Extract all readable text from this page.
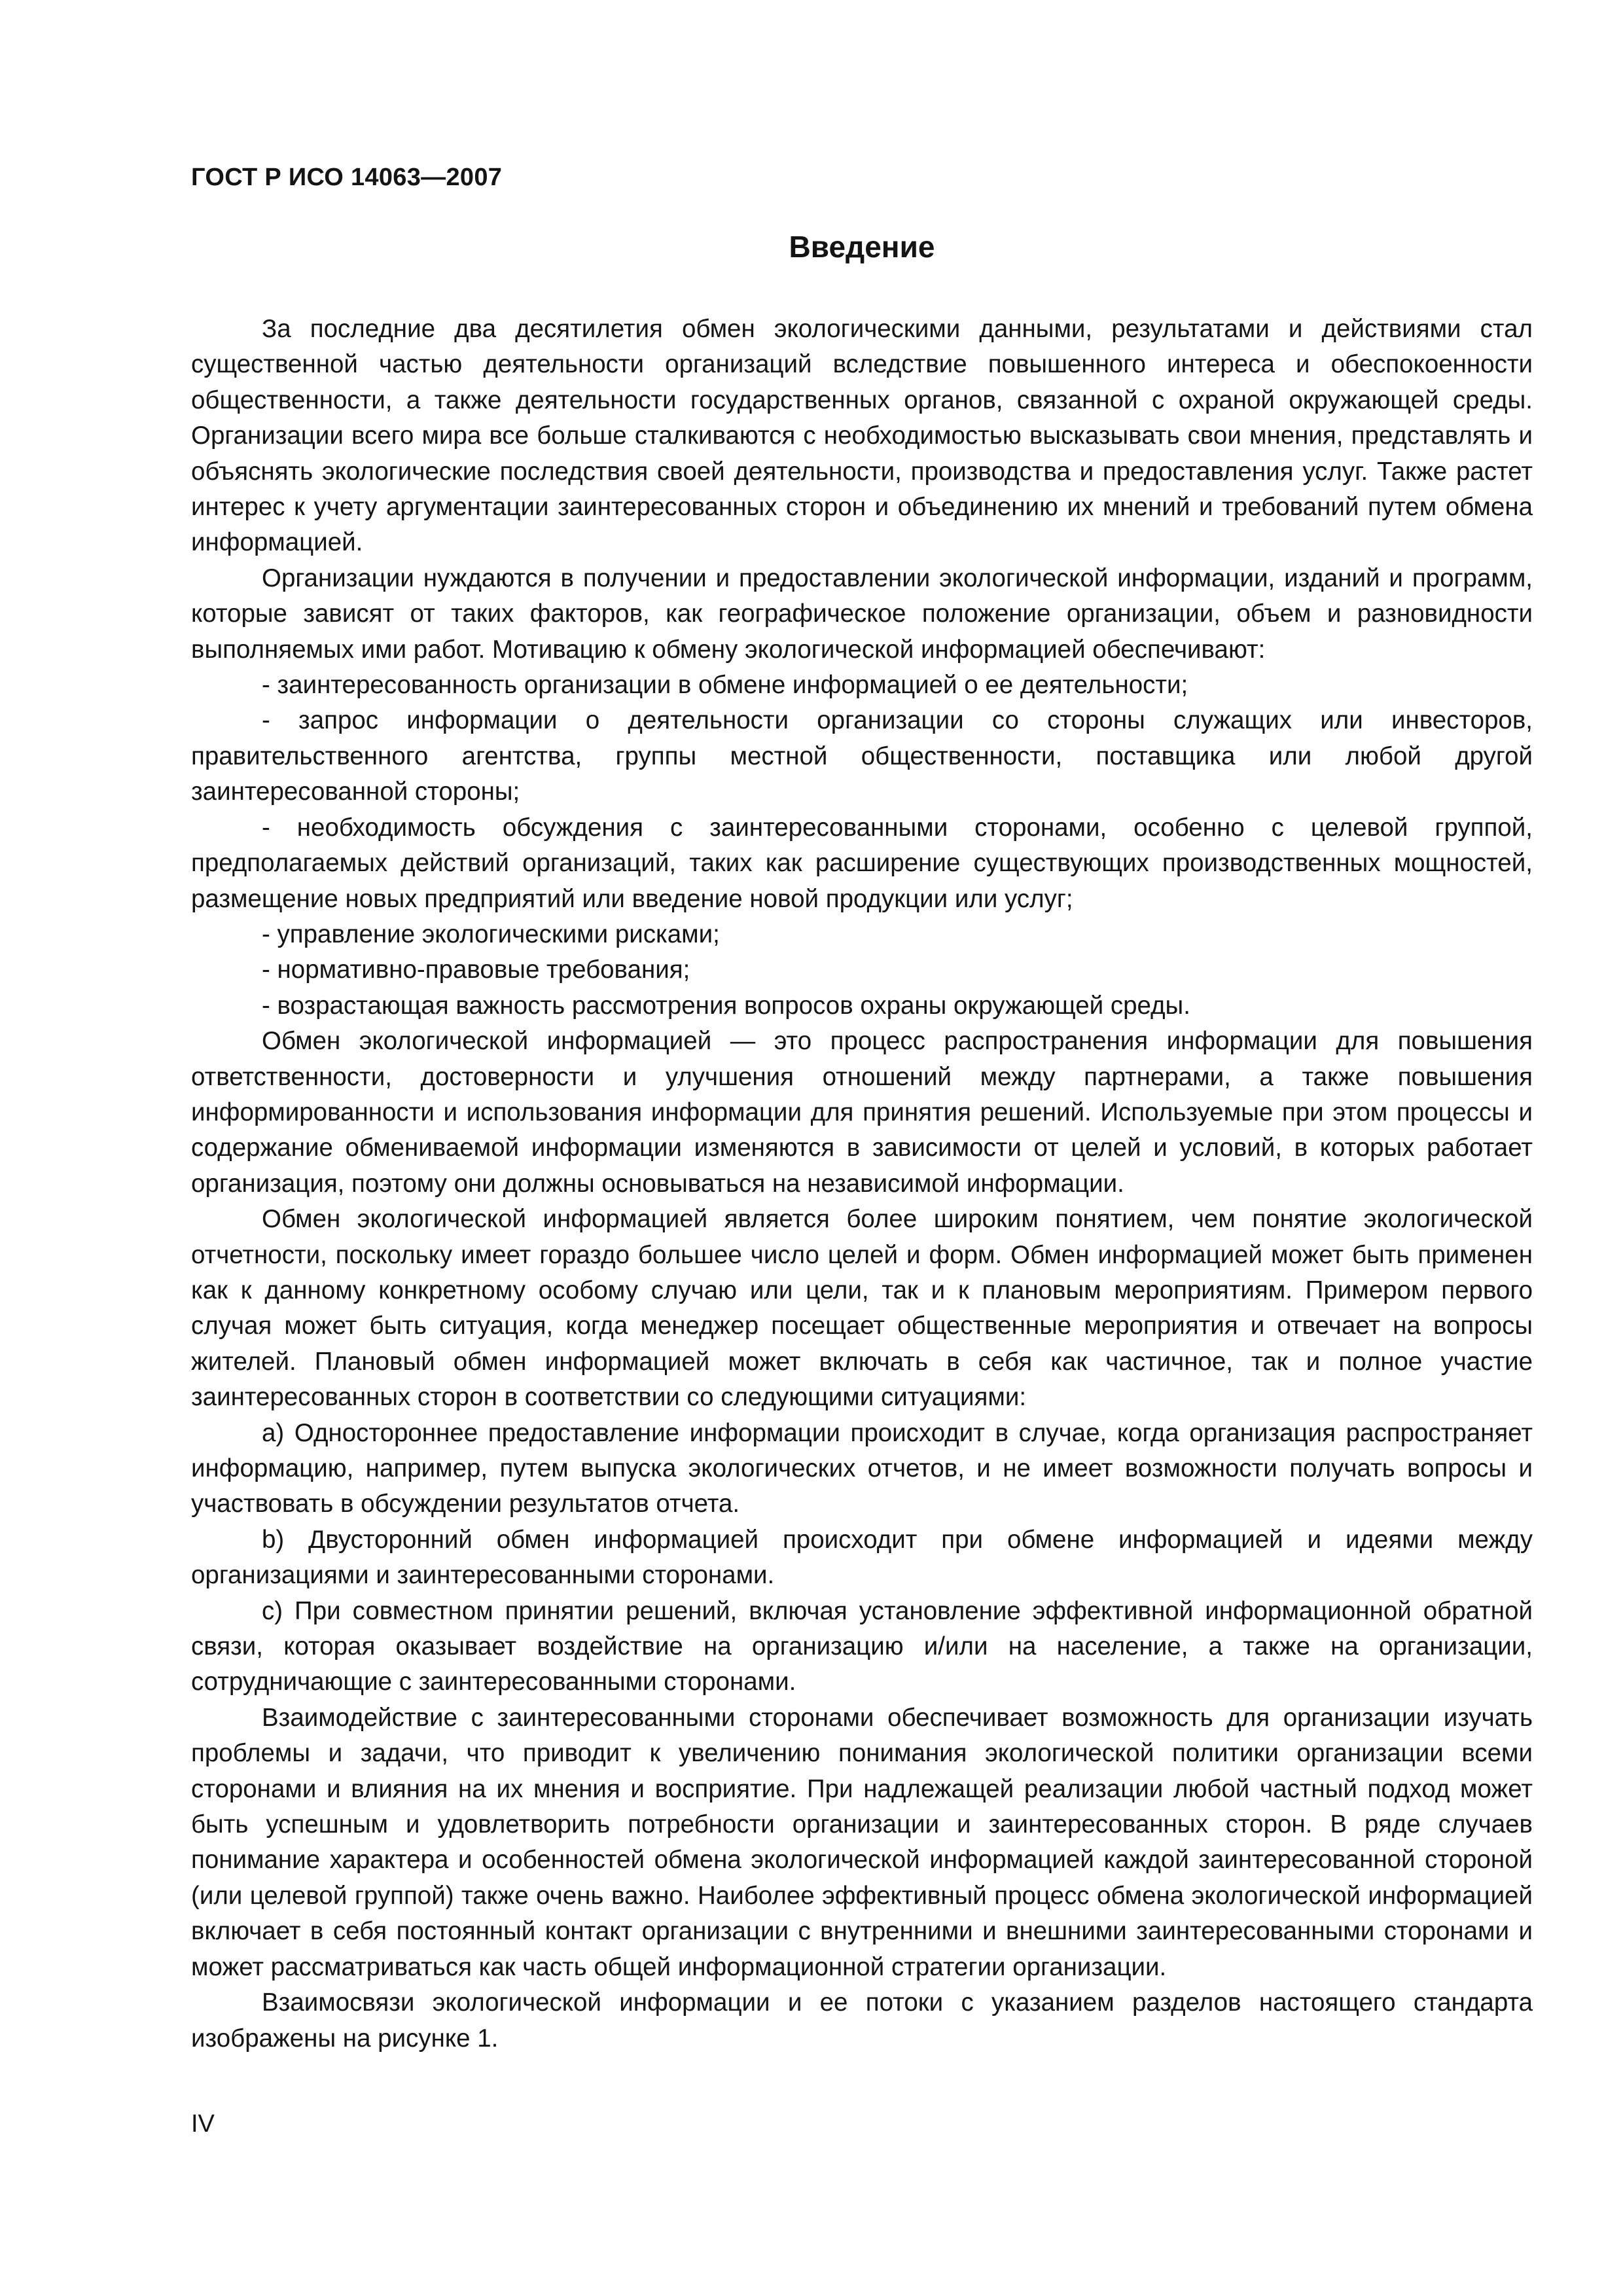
ГОСТ Р ИСО 14063—2007
Введение

За последние два десятилетия обмен экологическими данными, результатами и действиями стал существенной частью деятельности организаций вследствие повышенного интереса и обеспокоенности общественности, а также деятельности государственных органов, связанной с охраной окружающей среды. Организации всего мира все больше сталкиваются с необходимостью высказывать свои мнения, представлять и объяснять экологические последствия своей деятельности, производства и предоставления услуг. Также растет интерес к учету аргументации заинтересованных сторон и объединению их мнений и требований путем обмена информацией.

Организации нуждаются в получении и предоставлении экологической информации, изданий и программ, которые зависят от таких факторов, как географическое положение организации, объем и разновидности выполняемых ими работ. Мотивацию к обмену экологической информацией обеспечивают:

- заинтересованность организации в обмене информацией о ее деятельности;

- запрос информации о деятельности организации со стороны служащих или инвесторов, правительственного агентства, группы местной общественности, поставщика или любой другой заинтересованной стороны;

- необходимость обсуждения с заинтересованными сторонами, особенно с целевой группой, предполагаемых действий организаций, таких как расширение существующих производственных мощностей, размещение новых предприятий или введение новой продукции или услуг;

- управление экологическими рисками;

- нормативно-правовые требования;

- возрастающая важность рассмотрения вопросов охраны окружающей среды.

Обмен экологической информацией — это процесс распространения информации для повышения ответственности, достоверности и улучшения отношений между партнерами, а также повышения информированности и использования информации для принятия решений. Используемые при этом процессы и содержание обмениваемой информации изменяются в зависимости от целей и условий, в которых работает организация, поэтому они должны основываться на независимой информации.

Обмен экологической информацией является более широким понятием, чем понятие экологической отчетности, поскольку имеет гораздо большее число целей и форм. Обмен информацией может быть применен как к данному конкретному особому случаю или цели, так и к плановым мероприятиям. Примером первого случая может быть ситуация, когда менеджер посещает общественные мероприятия и отвечает на вопросы жителей. Плановый обмен информацией может включать в себя как частичное, так и полное участие заинтересованных сторон в соответствии со следующими ситуациями:

a) Одностороннее предоставление информации происходит в случае, когда организация распространяет информацию, например, путем выпуска экологических отчетов, и не имеет возможности получать вопросы и участвовать в обсуждении результатов отчета.

b) Двусторонний обмен информацией происходит при обмене информацией и идеями между организациями и заинтересованными сторонами.

c) При совместном принятии решений, включая установление эффективной информационной обратной связи, которая оказывает воздействие на организацию и/или на население, а также на организации, сотрудничающие с заинтересованными сторонами.

Взаимодействие с заинтересованными сторонами обеспечивает возможность для организации изучать проблемы и задачи, что приводит к увеличению понимания экологической политики организации всеми сторонами и влияния на их мнения и восприятие. При надлежащей реализации любой частный подход может быть успешным и удовлетворить потребности организации и заинтересованных сторон. В ряде случаев понимание характера и особенностей обмена экологической информацией каждой заинтересованной стороной (или целевой группой) также очень важно. Наиболее эффективный процесс обмена экологической информацией включает в себя постоянный контакт организации с внутренними и внешними заинтересованными сторонами и может рассматриваться как часть общей информационной стратегии организации.

Взаимосвязи экологической информации и ее потоки с указанием разделов настоящего стандарта изображены на рисунке 1.

IV
